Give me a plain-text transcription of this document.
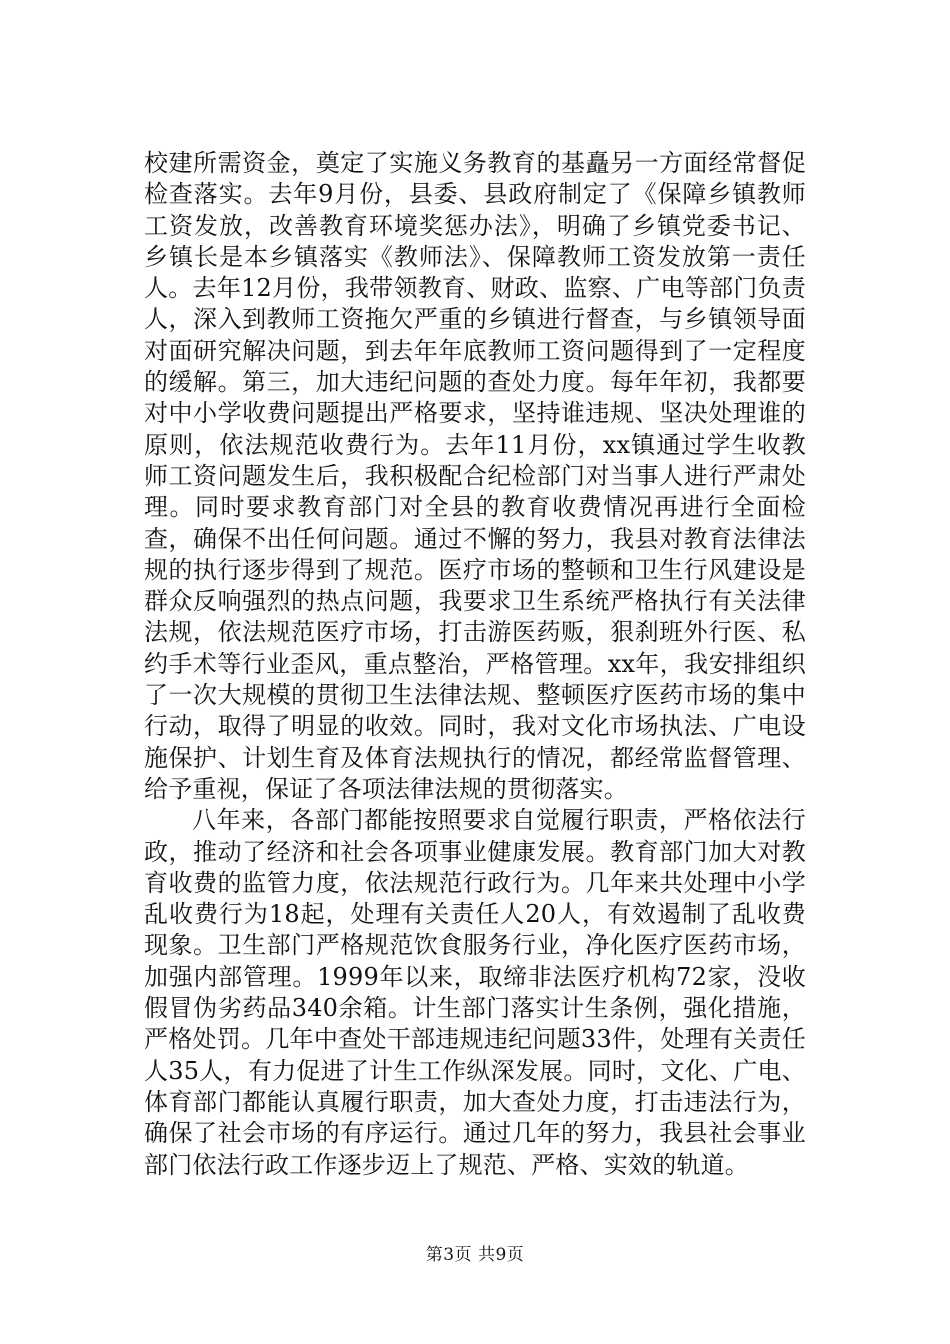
校建所需资金，奠定了实施义务教育的基矗另一方面经常督促检查落实。去年9月份，县委、县政府制定了《保障乡镇教师工资发放，改善教育环境奖惩办法》，明确了乡镇党委书记、乡镇长是本乡镇落实《教师法》、保障教师工资发放第一责任人。去年12月份，我带领教育、财政、监察、广电等部门负责人，深入到教师工资拖欠严重的乡镇进行督查，与乡镇领导面对面研究解决问题，到去年年底教师工资问题得到了一定程度的缓解。第三，加大违纪问题的查处力度。每年年初，我都要对中小学收费问题提出严格要求，坚持谁违规、坚决处理谁的原则，依法规范收费行为。去年11月份，xx镇通过学生收教师工资问题发生后，我积极配合纪检部门对当事人进行严肃处理。同时要求教育部门对全县的教育收费情况再进行全面检查，确保不出任何问题。通过不懈的努力，我县对教育法律法规的执行逐步得到了规范。医疗市场的整顿和卫生行风建设是群众反响强烈的热点问题，我要求卫生系统严格执行有关法律法规，依法规范医疗市场，打击游医药贩，狠刹班外行医、私约手术等行业歪风，重点整治，严格管理。xx年，我安排组织了一次大规模的贯彻卫生法律法规、整顿医疗医药市场的集中行动，取得了明显的收效。同时，我对文化市场执法、广电设施保护、计划生育及体育法规执行的情况，都经常监督管理、给予重视，保证了各项法律法规的贯彻落实。

八年来，各部门都能按照要求自觉履行职责，严格依法行政，推动了经济和社会各项事业健康发展。教育部门加大对教育收费的监管力度，依法规范行政行为。几年来共处理中小学乱收费行为18起，处理有关责任人20人，有效遏制了乱收费现象。卫生部门严格规范饮食服务行业，净化医疗医药市场，加强内部管理。1999年以来，取缔非法医疗机构72家，没收假冒伪劣药品340余箱。计生部门落实计生条例，强化措施，严格处罚。几年中查处干部违规违纪问题33件，处理有关责任人35人，有力促进了计生工作纵深发展。同时，文化、广电、体育部门都能认真履行职责，加大查处力度，打击违法行为，确保了社会市场的有序运行。通过几年的努力，我县社会事业部门依法行政工作逐步迈上了规范、严格、实效的轨道。

第3页 共9页
